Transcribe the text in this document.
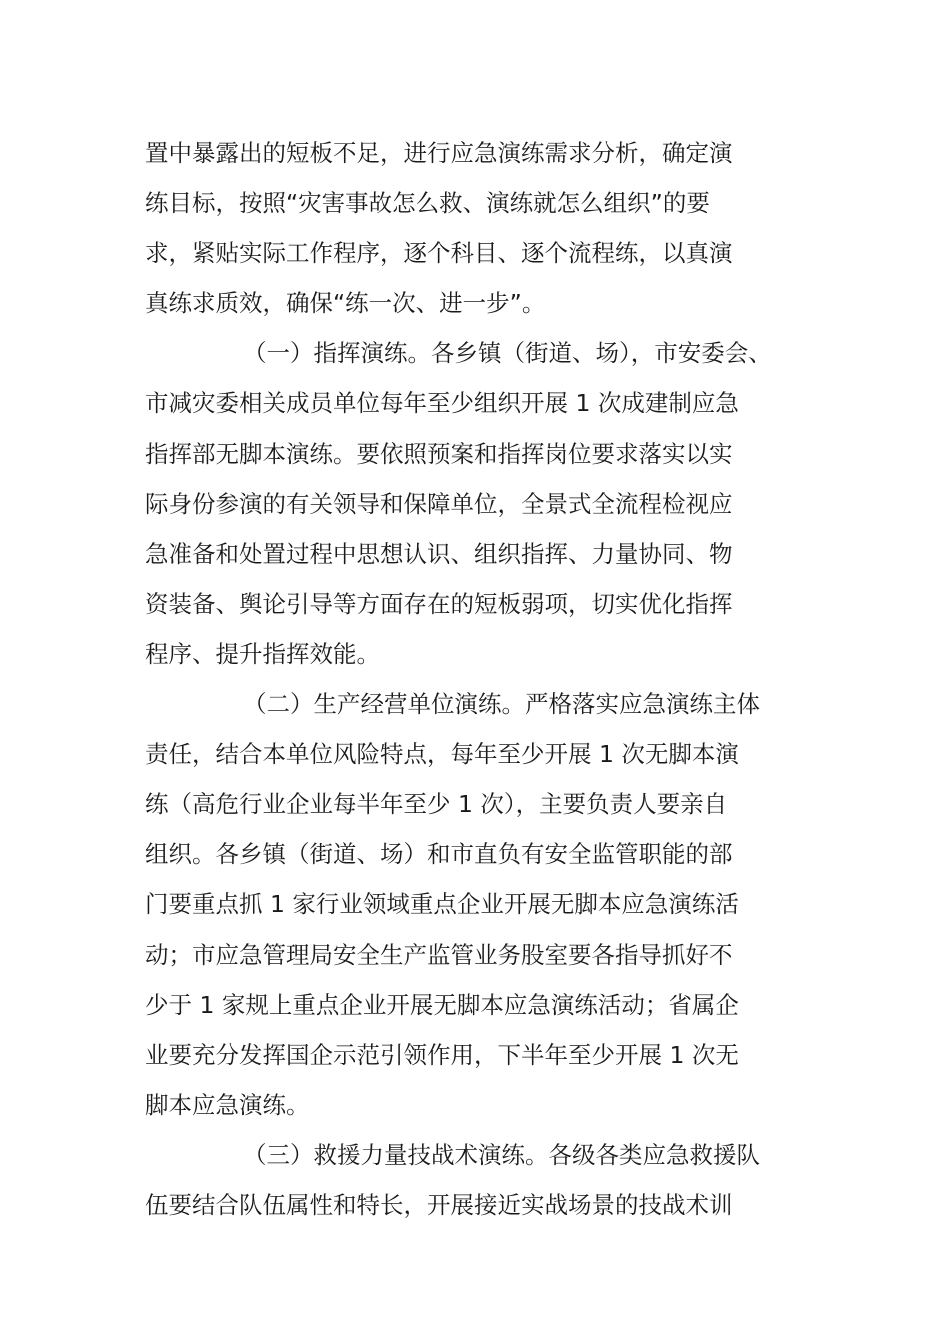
置中暴露出的短板不足，进行应急演练需求分析，确定演
练目标，按照“灾害事故怎么救、演练就怎么组织”的要
求，紧贴实际工作程序，逐个科目、逐个流程练，以真演
真练求质效，确保“练一次、进一步”。
（一）指挥演练。各乡镇（街道、场），市安委会、
市减灾委相关成员单位每年至少组织开展 1 次成建制应急
指挥部无脚本演练。要依照预案和指挥岗位要求落实以实
际身份参演的有关领导和保障单位，全景式全流程检视应
急准备和处置过程中思想认识、组织指挥、力量协同、物
资装备、舆论引导等方面存在的短板弱项，切实优化指挥
程序、提升指挥效能。
（二）生产经营单位演练。严格落实应急演练主体
责任，结合本单位风险特点，每年至少开展 1 次无脚本演
练（高危行业企业每半年至少 1 次），主要负责人要亲自
组织。各乡镇（街道、场）和市直负有安全监管职能的部
门要重点抓 1 家行业领域重点企业开展无脚本应急演练活
动；市应急管理局安全生产监管业务股室要各指导抓好不
少于 1 家规上重点企业开展无脚本应急演练活动；省属企
业要充分发挥国企示范引领作用，下半年至少开展 1 次无
脚本应急演练。
（三）救援力量技战术演练。各级各类应急救援队
伍要结合队伍属性和特长，开展接近实战场景的技战术训
